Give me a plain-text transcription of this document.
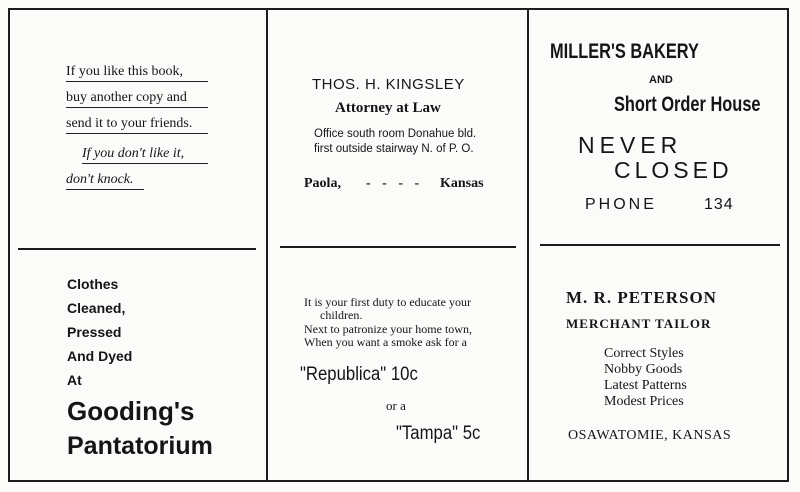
If you like this book,
buy another copy and
send it to your friends.
If you don't like it,
don't knock.
THOS. H. KINGSLEY
Attorney at Law
Office south room Donahue bld.
first outside stairway N. of P. O.
Paola, - - - - Kansas
MILLER'S BAKERY
AND
Short Order House
NEVER
CLOSED
PHONE	134
Clothes
Cleaned,
Pressed
And Dyed
At
Gooding's
Pantatorium
It is your first duty to educate your
children.
Next to patronize your home town,
When you want a smoke ask for a
"Republica" 10c
or a
"Tampa" 5c
M. R. PETERSON
MERCHANT TAILOR
Correct Styles
Nobby Goods
Latest Patterns
Modest Prices
OSAWATOMIE, KANSAS
